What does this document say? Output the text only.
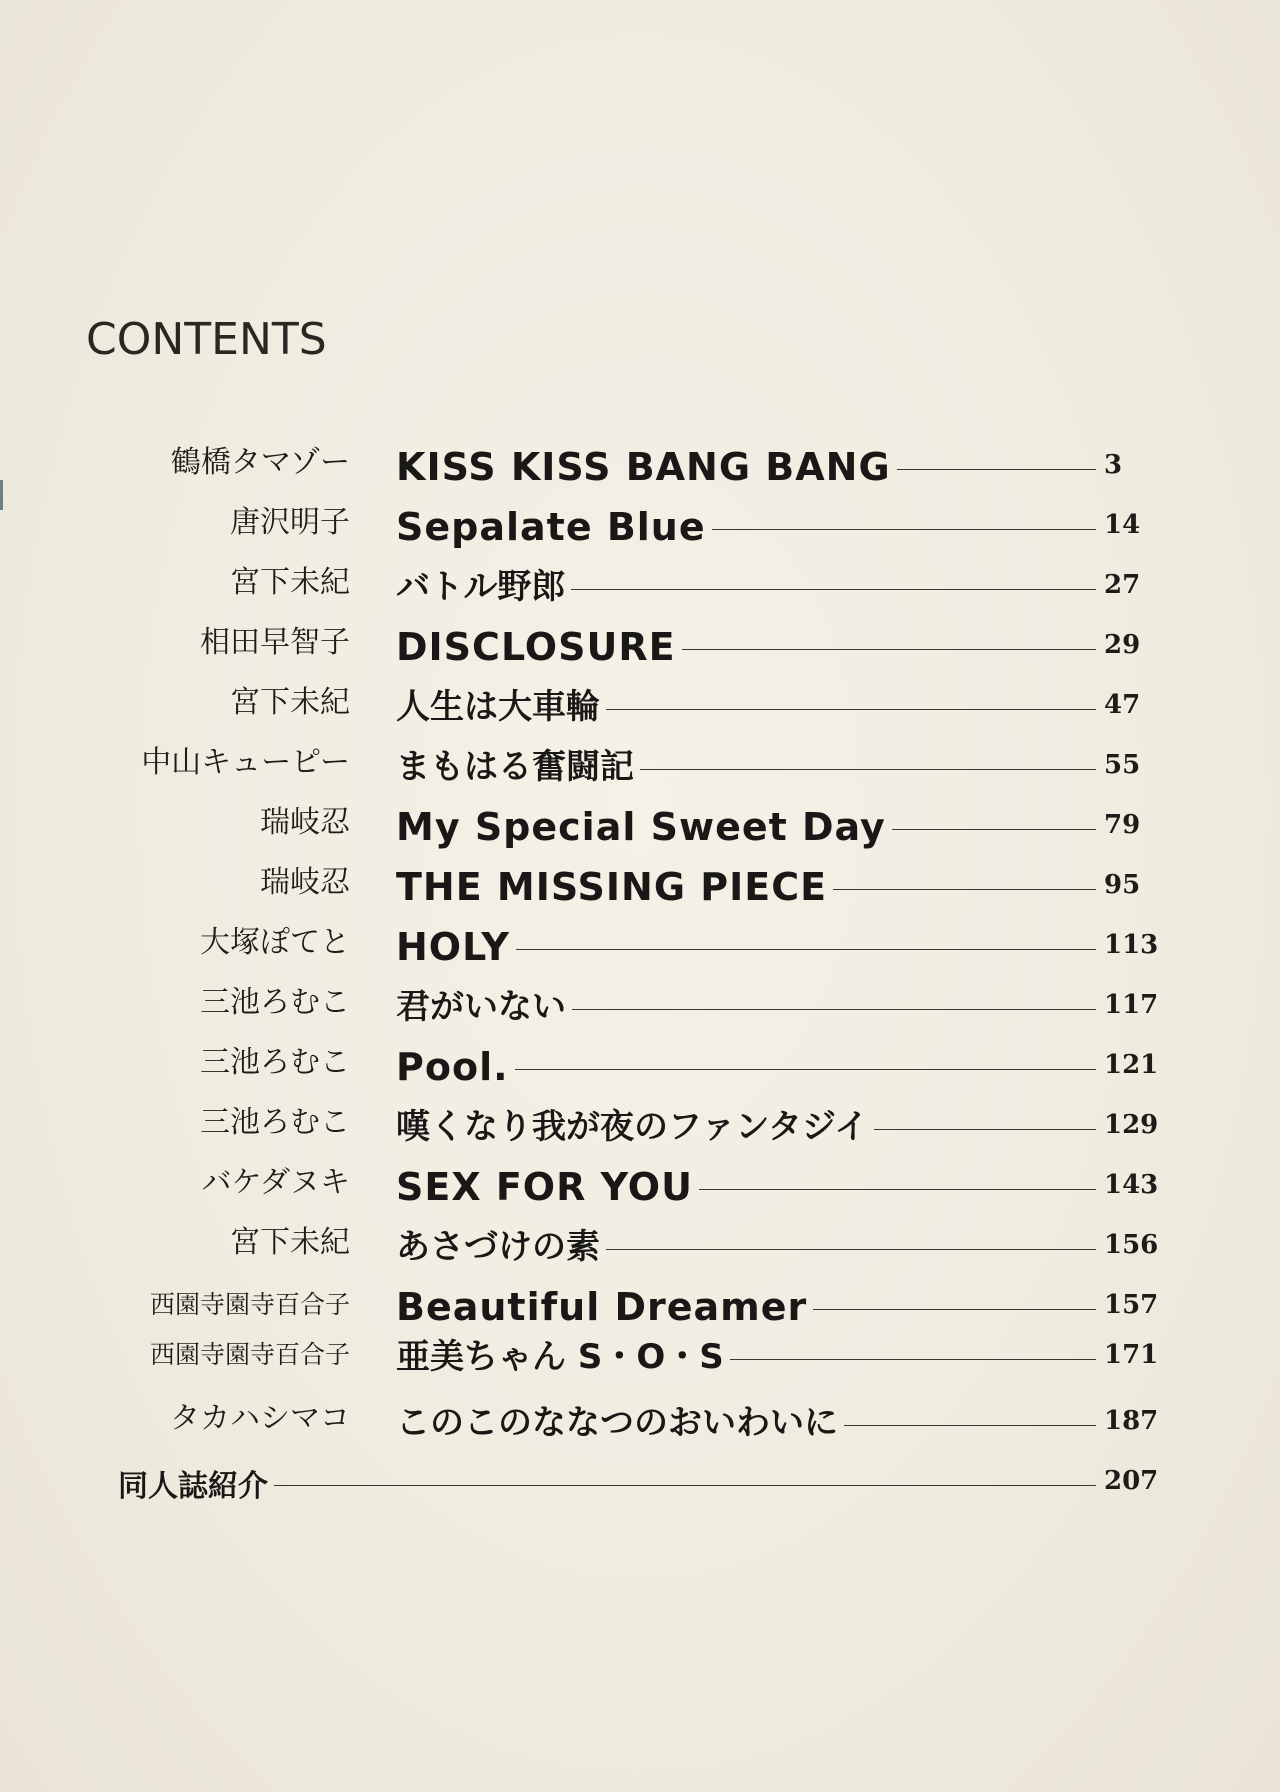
CONTENTS
鶴橋タマゾー KISS KISS BANG BANG	3
唐沢明子 Sepalate Blue	14
宮下未紀 バトル野郎	27
相田早智子 DISCLOSURE	29
宮下未紀 人生は大車輪	47
中山キューピー まもはる奮闘記	55
瑞岐忍 My Special Sweet Day	79
瑞岐忍 THE MISSING PIECE	95
大塚ぽてと HOLY	113
三池ろむこ 君がいない	117
三池ろむこ Pool.	121
三池ろむこ 嘆くなり我が夜のファンタジイ	129
バケダヌキ SEX FOR YOU	143
宮下未紀 あさづけの素	156
西園寺園寺百合子 Beautiful Dreamer	157
西園寺園寺百合子 亜美ちゃん S・O・S	171
タカハシマコ このこのななつのおいわいに	187
同人誌紹介	207
